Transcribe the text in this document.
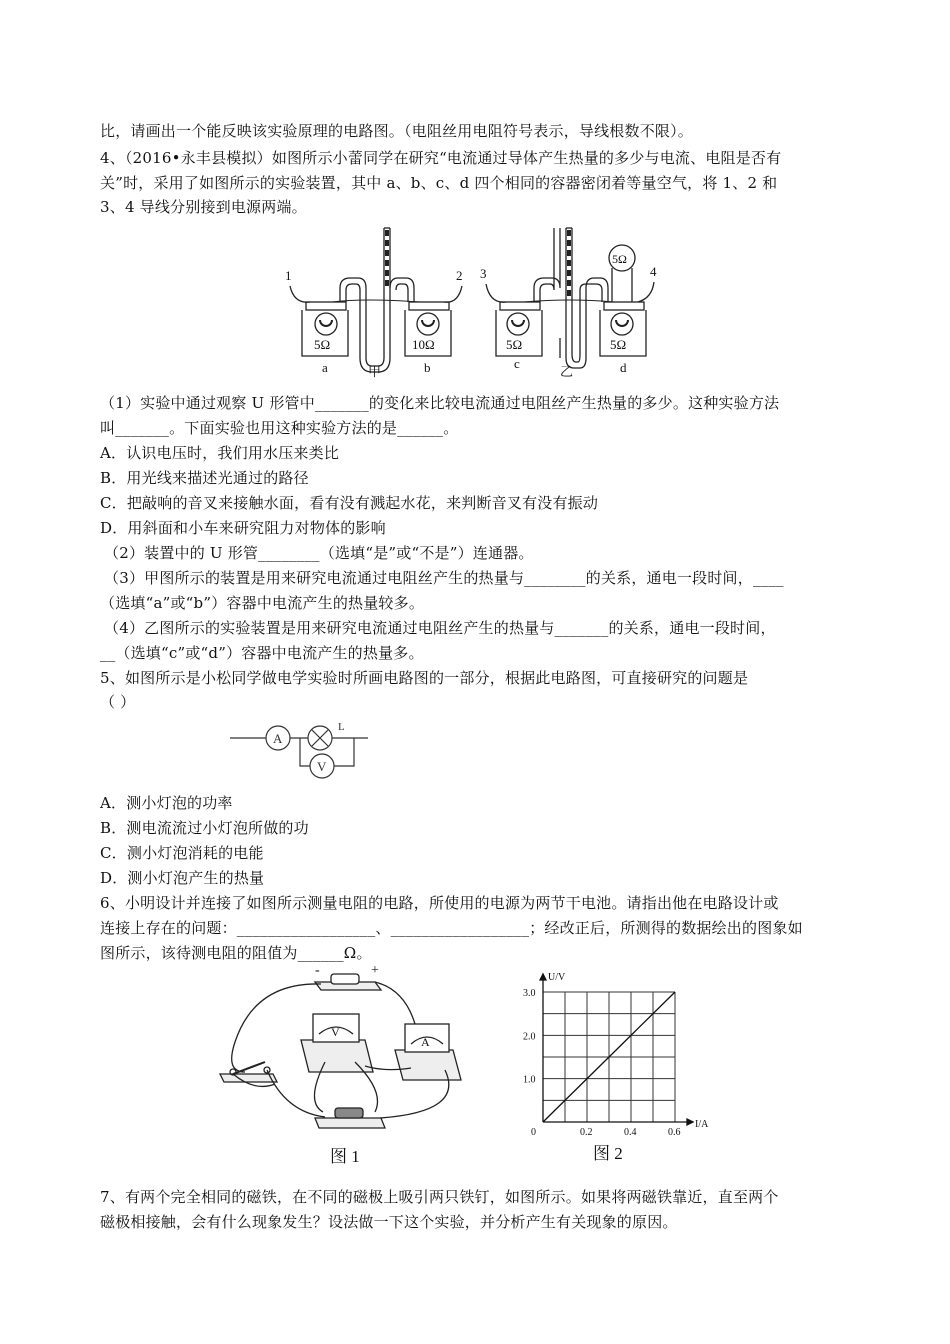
比，请画出一个能反映该实验原理的电路图。（电阻丝用电阻符号表示，导线根数不限）。
4、（2016•永丰县模拟）如图所示小蕾同学在研究“电流通过导体产生热量的多少与电流、电阻是否有
关”时，采用了如图所示的实验装置，其中 a、b、c、d 四个相同的容器密闭着等量空气，将 1、2 和
3、4 导线分别接到电源两端。
1	2 3	4
5Ω	10Ω	5Ω	5Ω
5Ω
a	b	c	d
甲	乙
（1）实验中通过观察 U 形管中_______的变化来比较电流通过电阻丝产生热量的多少。这种实验方法
叫_______。下面实验也用这种实验方法的是______。
A．认识电压时，我们用水压来类比
B．用光线来描述光通过的路径
C．把敲响的音叉来接触水面，看有没有溅起水花，来判断音叉有没有振动
D．用斜面和小车来研究阻力对物体的影响
（2）装置中的 U 形管________（选填“是”或“不是”）连通器。
（3）甲图所示的装置是用来研究电流通过电阻丝产生的热量与________的关系，通电一段时间，____
（选填“a”或“b”）容器中电流产生的热量较多。
（4）乙图所示的实验装置是用来研究电流通过电阻丝产生的热量与_______的关系，通电一段时间，
__（选填“c”或“d”）容器中电流产生的热量多。
5、如图所示是小松同学做电学实验时所画电路图的一部分，根据此电路图，可直接研究的问题是
（ ）
A
L
V
A．测小灯泡的功率
B．测电流流过小灯泡所做的功
C．测小灯泡消耗的电能
D．测小灯泡产生的热量
6、小明设计并连接了如图所示测量电阻的电路，所使用的电源为两节干电池。请指出他在电路设计或
连接上存在的问题：__________________、__________________；经改正后，所测得的数据绘出的图象如
图所示，该待测电阻的阻值为______Ω。
-	+
V
A
图 1
0.2	0.4	0.6
1.0
2.0
3.0
0
I/A
U/V
图 2
7、有两个完全相同的磁铁，在不同的磁极上吸引两只铁钉，如图所示。如果将两磁铁靠近，直至两个
磁极相接触，会有什么现象发生？设法做一下这个实验，并分析产生有关现象的原因。
